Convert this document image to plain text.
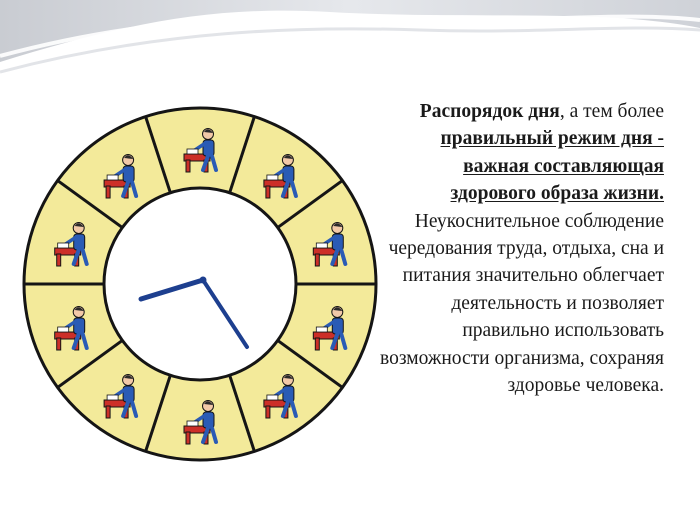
Распорядок дня, а тем более правильный режим дня - важная составляющая здорового образа жизни. Неукоснительное соблюдение чередования труда, отдыха, сна и питания значительно облегчает деятельность и позволяет правильно использовать возможности организма, сохраняя здоровье человека.
